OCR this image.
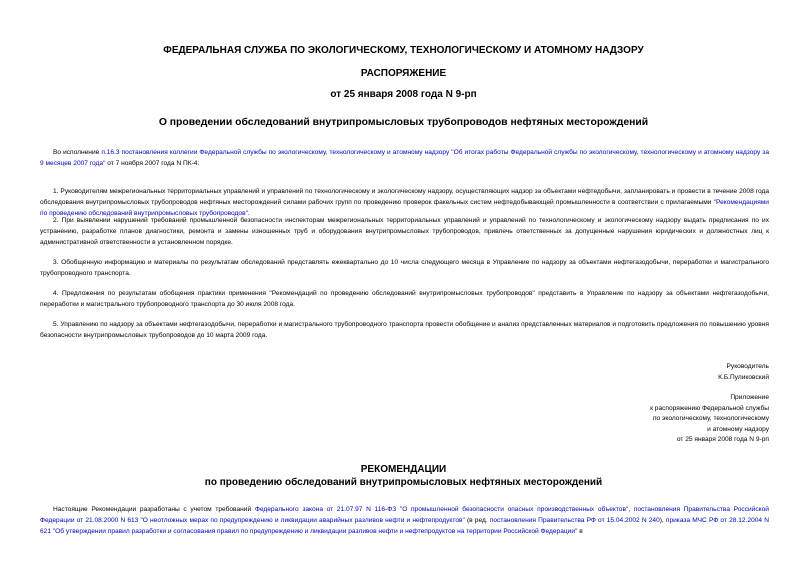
ФЕДЕРАЛЬНАЯ СЛУЖБА ПО ЭКОЛОГИЧЕСКОМУ, ТЕХНОЛОГИЧЕСКОМУ И АТОМНОМУ НАДЗОРУ
РАСПОРЯЖЕНИЕ
от 25 января 2008 года N 9-рп
О проведении обследований внутрипромысловых трубопроводов нефтяных месторождений

Во исполнение п.16.3 постановления коллегии Федеральной службы по экологическому, технологическому и атомному надзору "Об итогах работы Федеральной службы по экологическому, технологическому и атомному надзору за 9 месяцев 2007 года" от 7 ноября 2007 года N ПК-4:

1. Руководителям межрегиональных территориальных управлений и управлений по технологическому и экологическому надзору, осуществляющих надзор за объектами нефтедобычи, запланировать и провести в течение 2008 года обследования внутрипромысловых трубопроводов нефтяных месторождений силами рабочих групп по проведению проверок факельных систем нефтедобывающей промышленности в соответствии с прилагаемыми "Рекомендациями по проведению обследований внутрипромысловых трубопроводов".

2. При выявлении нарушений требований промышленной безопасности инспекторам межрегиональных территориальных управлений и управлений по технологическому и экологическому надзору выдать предписания по их устранению, разработке планов диагностики, ремонта и замены изношенных труб и оборудования внутрипромысловых трубопроводов, привлечь ответственных за допущенные нарушения юридических и должностных лиц к административной ответственности в установленном порядке.

3. Обобщенную информацию и материалы по результатам обследований представлять ежеквартально до 10 числа следующего месяца в Управление по надзору за объектами нефтегазодобычи, переработки и магистрального трубопроводного транспорта.

4. Предложения по результатам обобщения практики применения "Рекомендаций по проведению обследований внутрипромысловых трубопроводов" представить в Управление по надзору за объектами нефтегазодобычи, переработки и магистрального трубопроводного транспорта до 30 июля 2008 года.

5. Управлению по надзору за объектами нефтегазодобычи, переработки и магистрального трубопроводного транспорта провести обобщение и анализ представленных материалов и подготовить предложения по повышению уровня безопасности внутрипромысловых трубопроводов до 10 марта 2009 года.

Руководитель
К.Б.Пуликовский
Приложение
к распоряжению Федеральной службы
по экологическому, технологическому
и атомному надзору
от 25 января 2008 года N 9-рп
РЕКОМЕНДАЦИИ
по проведению обследований внутрипромысловых нефтяных месторождений

Настоящие Рекомендации разработаны с учетом требований Федерального закона от 21.07.97 N 116-ФЗ "О промышленной безопасности опасных производственных объектов", постановления Правительства Российской Федерации от 21.08.2000 N 613 "О неотложных мерах по предупреждению и ликвидации аварийных разливов нефти и нефтепродуктов" (в ред. постановления Правительства РФ от 15.04.2002 N 240), приказа МЧС РФ от 28.12.2004 N 621 "Об утверждении правил разработки и согласования правил по предупреждению и ликвидации разливов нефти и нефтепродуктов на территории Российской Федерации" в
